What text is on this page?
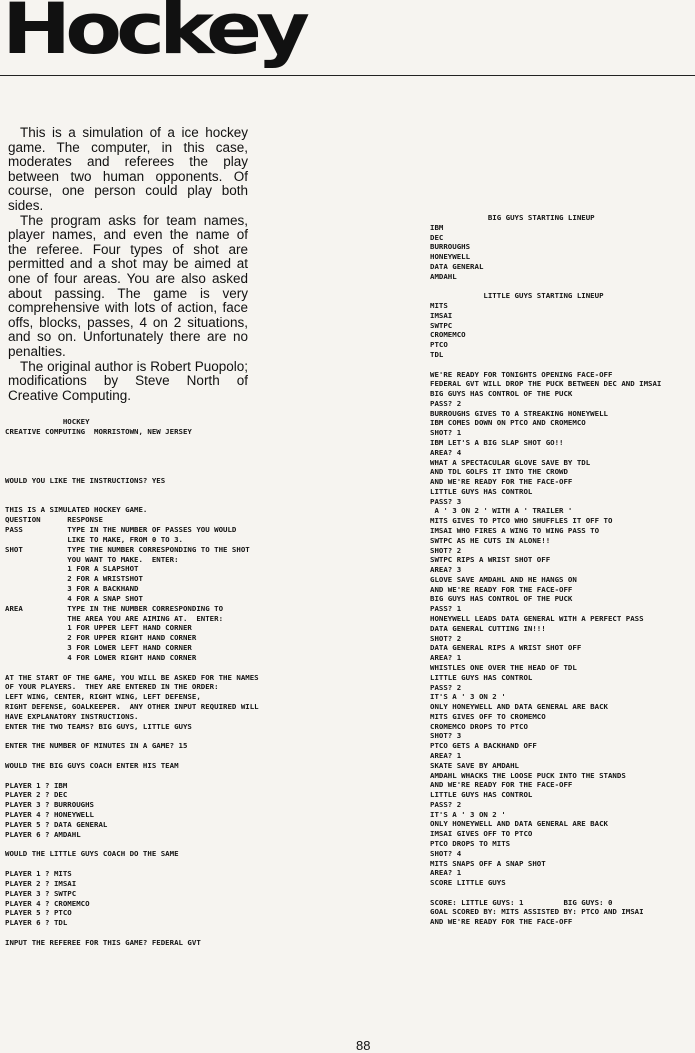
Hockey

This is a simulation of a ice hockey game. The computer, in this case, moderates and referees the play between two human opponents. Of course, one person could play both sides.

The program asks for team names, player names, and even the name of the referee. Four types of shot are permitted and a shot may be aimed at one of four areas. You are also asked about passing. The game is very comprehensive with lots of action, face offs, blocks, passes, 4 on 2 situations, and so on. Unfortunately there are no penalties.

The original author is Robert Puopolo; modifications by Steve North of Creative Computing.

HOCKEY
CREATIVE COMPUTING  MORRISTOWN, NEW JERSEY

WOULD YOU LIKE THE INSTRUCTIONS? YES

THIS IS A SIMULATED HOCKEY GAME.
QUESTION      RESPONSE
PASS          TYPE IN THE NUMBER OF PASSES YOU WOULD
LIKE TO MAKE, FROM 0 TO 3.
SHOT          TYPE THE NUMBER CORRESPONDING TO THE SHOT
YOU WANT TO MAKE.  ENTER:
1 FOR A SLAPSHOT
2 FOR A WRISTSHOT
3 FOR A BACKHAND
4 FOR A SNAP SHOT
AREA          TYPE IN THE NUMBER CORRESPONDING TO
THE AREA YOU ARE AIMING AT.  ENTER:
1 FOR UPPER LEFT HAND CORNER
2 FOR UPPER RIGHT HAND CORNER
3 FOR LOWER LEFT HAND CORNER
4 FOR LOWER RIGHT HAND CORNER

AT THE START OF THE GAME, YOU WILL BE ASKED FOR THE NAMES
OF YOUR PLAYERS.  THEY ARE ENTERED IN THE ORDER:
LEFT WING, CENTER, RIGHT WING, LEFT DEFENSE,
RIGHT DEFENSE, GOALKEEPER.  ANY OTHER INPUT REQUIRED WILL
HAVE EXPLANATORY INSTRUCTIONS.
ENTER THE TWO TEAMS? BIG GUYS, LITTLE GUYS

ENTER THE NUMBER OF MINUTES IN A GAME? 15

WOULD THE BIG GUYS COACH ENTER HIS TEAM

PLAYER 1 ? IBM
PLAYER 2 ? DEC
PLAYER 3 ? BURROUGHS
PLAYER 4 ? HONEYWELL
PLAYER 5 ? DATA GENERAL
PLAYER 6 ? AMDAHL

WOULD THE LITTLE GUYS COACH DO THE SAME

PLAYER 1 ? MITS
PLAYER 2 ? IMSAI
PLAYER 3 ? SWTPC
PLAYER 4 ? CROMEMCO
PLAYER 5 ? PTCO
PLAYER 6 ? TDL

INPUT THE REFEREE FOR THIS GAME? FEDERAL GVT
BIG GUYS STARTING LINEUP
IBM
DEC
BURROUGHS
HONEYWELL
DATA GENERAL
AMDAHL

LITTLE GUYS STARTING LINEUP
MITS
IMSAI
SWTPC
CROMEMCO
PTCO
TDL

WE'RE READY FOR TONIGHTS OPENING FACE-OFF
FEDERAL GVT WILL DROP THE PUCK BETWEEN DEC AND IMSAI
BIG GUYS HAS CONTROL OF THE PUCK
PASS? 2
BURROUGHS GIVES TO A STREAKING HONEYWELL
IBM COMES DOWN ON PTCO AND CROMEMCO
SHOT? 1
IBM LET'S A BIG SLAP SHOT GO!!
AREA? 4
WHAT A SPECTACULAR GLOVE SAVE BY TDL
AND TDL GOLFS IT INTO THE CROWD
AND WE'RE READY FOR THE FACE-OFF
LITTLE GUYS HAS CONTROL
PASS? 3
A ' 3 ON 2 ' WITH A ' TRAILER '
MITS GIVES TO PTCO WHO SHUFFLES IT OFF TO
IMSAI WHO FIRES A WING TO WING PASS TO
SWTPC AS HE CUTS IN ALONE!!
SHOT? 2
SWTPC RIPS A WRIST SHOT OFF
AREA? 3
GLOVE SAVE AMDAHL AND HE HANGS ON
AND WE'RE READY FOR THE FACE-OFF
BIG GUYS HAS CONTROL OF THE PUCK
PASS? 1
HONEYWELL LEADS DATA GENERAL WITH A PERFECT PASS
DATA GENERAL CUTTING IN!!!
SHOT? 2
DATA GENERAL RIPS A WRIST SHOT OFF
AREA? 1
WHISTLES ONE OVER THE HEAD OF TDL
LITTLE GUYS HAS CONTROL
PASS? 2
IT'S A ' 3 ON 2 '
ONLY HONEYWELL AND DATA GENERAL ARE BACK
MITS GIVES OFF TO CROMEMCO
CROMEMCO DROPS TO PTCO
SHOT? 3
PTCO GETS A BACKHAND OFF
AREA? 1
SKATE SAVE BY AMDAHL
AMDAHL WHACKS THE LOOSE PUCK INTO THE STANDS
AND WE'RE READY FOR THE FACE-OFF
LITTLE GUYS HAS CONTROL
PASS? 2
IT'S A ' 3 ON 2 '
ONLY HONEYWELL AND DATA GENERAL ARE BACK
IMSAI GIVES OFF TO PTCO
PTCO DROPS TO MITS
SHOT? 4
MITS SNAPS OFF A SNAP SHOT
AREA? 1
SCORE LITTLE GUYS

SCORE: LITTLE GUYS: 1         BIG GUYS: 0
GOAL SCORED BY: MITS ASSISTED BY: PTCO AND IMSAI
AND WE'RE READY FOR THE FACE-OFF
88
